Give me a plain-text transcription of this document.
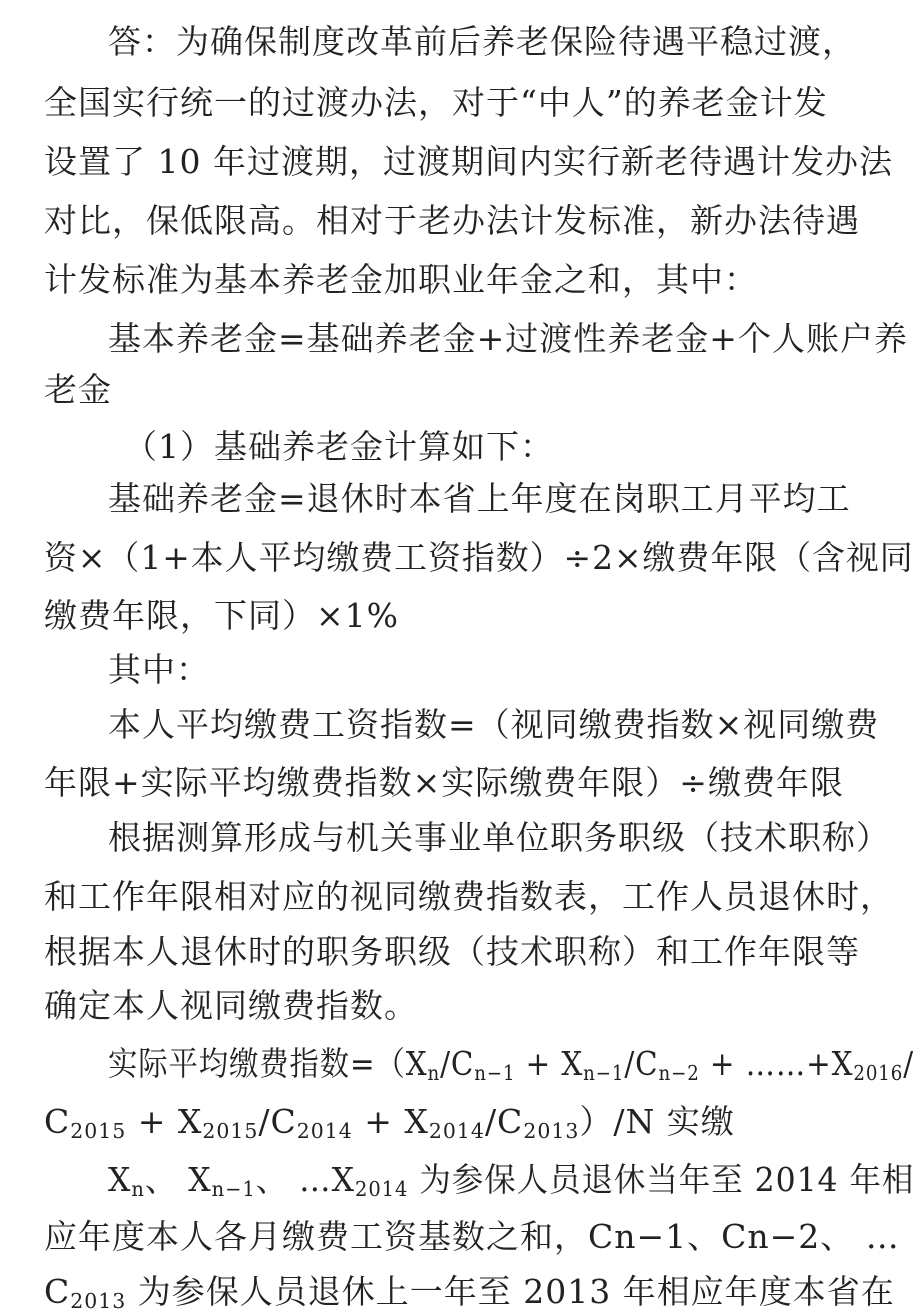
答：为确保制度改革前后养老保险待遇平稳过渡，
全国实行统一的过渡办法，对于“中人”的养老金计发
设置了 10 年过渡期，过渡期间内实行新老待遇计发办法
对比，保低限高。相对于老办法计发标准，新办法待遇
计发标准为基本养老金加职业年金之和，其中：
基本养老金=基础养老金+过渡性养老金+个人账户养
老金
（1）基础养老金计算如下：
基础养老金=退休时本省上年度在岗职工月平均工
资×（1+本人平均缴费工资指数）÷2×缴费年限（含视同
缴费年限，下同）×1%
其中：
本人平均缴费工资指数=（视同缴费指数×视同缴费
年限+实际平均缴费指数×实际缴费年限）÷缴费年限
根据测算形成与机关事业单位职务职级（技术职称）
和工作年限相对应的视同缴费指数表，工作人员退休时，
根据本人退休时的职务职级（技术职称）和工作年限等
确定本人视同缴费指数。
实际平均缴费指数$=(X_n/C_{n-1} + X_{n-1}/C_{n-2}$ + $\dots\dots+X_{2016}/$
$C_{2015} + X_{2015}/C_{2014} + X_{2014}/C_{2013})/N$ 实缴
$X_n$、 $X_{n-1}$、 $\dots X_{2014}$ 为参保人员退休当年至 2014 年相
应年度本人各月缴费工资基数之和，Cn−1、Cn−2、 …
$C_{2013}$ 为参保人员退休上一年至 2013 年相应年度本省在
